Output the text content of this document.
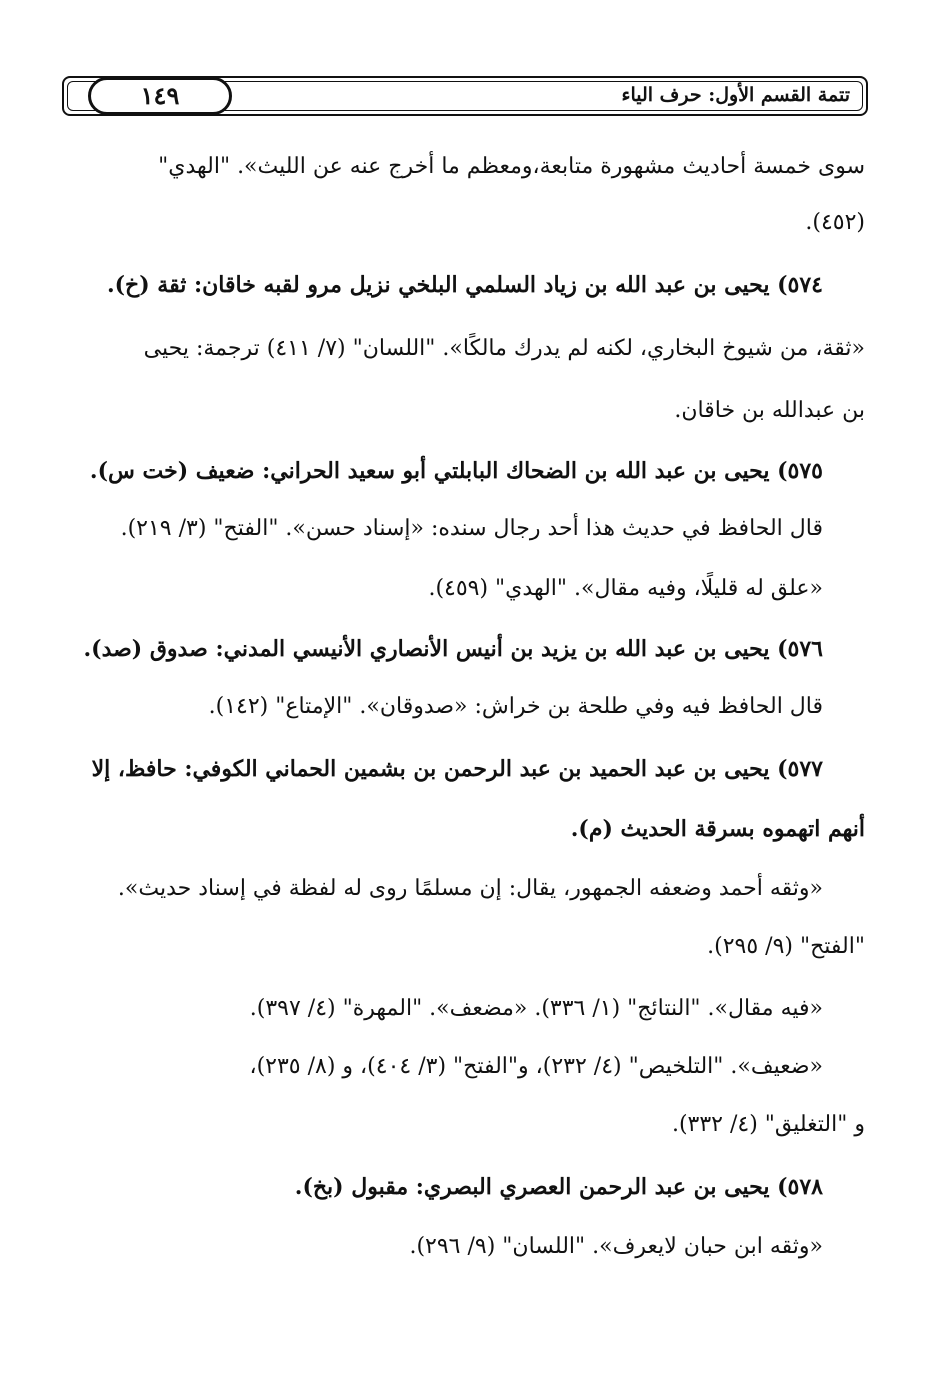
تتمة القسم الأول: حرف الياء
١٤٩
سوى خمسة أحاديث مشهورة متابعة،ومعظم ما أخرج عنه عن الليث». "الهدي"
(٤٥٢).
٥٧٤) يحيى بن عبد الله بن زياد السلمي البلخي نزيل مرو لقبه خاقان: ثقة (خ).
«ثقة، من شيوخ البخاري، لكنه لم يدرك مالكًا». "اللسان" (٧/ ٤١١) ترجمة: يحيى
بن عبدالله بن خاقان.
٥٧٥) يحيى بن عبد الله بن الضحاك البابلتي أبو سعيد الحراني: ضعيف (خت س).
قال الحافظ في حديث هذا أحد رجال سنده: «إسناد حسن». "الفتح" (٣/ ٢١٩).
«علق له قليلًا، وفيه مقال». "الهدي" (٤٥٩).
٥٧٦) يحيى بن عبد الله بن يزيد بن أنيس الأنصاري الأنيسي المدني: صدوق (صد).
قال الحافظ فيه وفي طلحة بن خراش: «صدوقان». "الإمتاع" (١٤٢).
٥٧٧) يحيى بن عبد الحميد بن عبد الرحمن بن بشمين الحماني الكوفي: حافظ، إلا
أنهم اتهموه بسرقة الحديث (م).
«وثقه أحمد وضعفه الجمهور، يقال: إن مسلمًا روى له لفظة في إسناد حديث».
"الفتح" (٩/ ٢٩٥).
«فيه مقال». "النتائج" (١/ ٣٣٦). «مضعف». "المهرة" (٤/ ٣٩٧).
«ضعيف». "التلخيص" (٤/ ٢٣٢)، و"الفتح" (٣/ ٤٠٤)، و (٨/ ٢٣٥)،
و "التغليق" (٤/ ٣٣٢).
٥٧٨) يحيى بن عبد الرحمن العصري البصري: مقبول (بخ).
«وثقه ابن حبان لايعرف». "اللسان" (٩/ ٢٩٦).
